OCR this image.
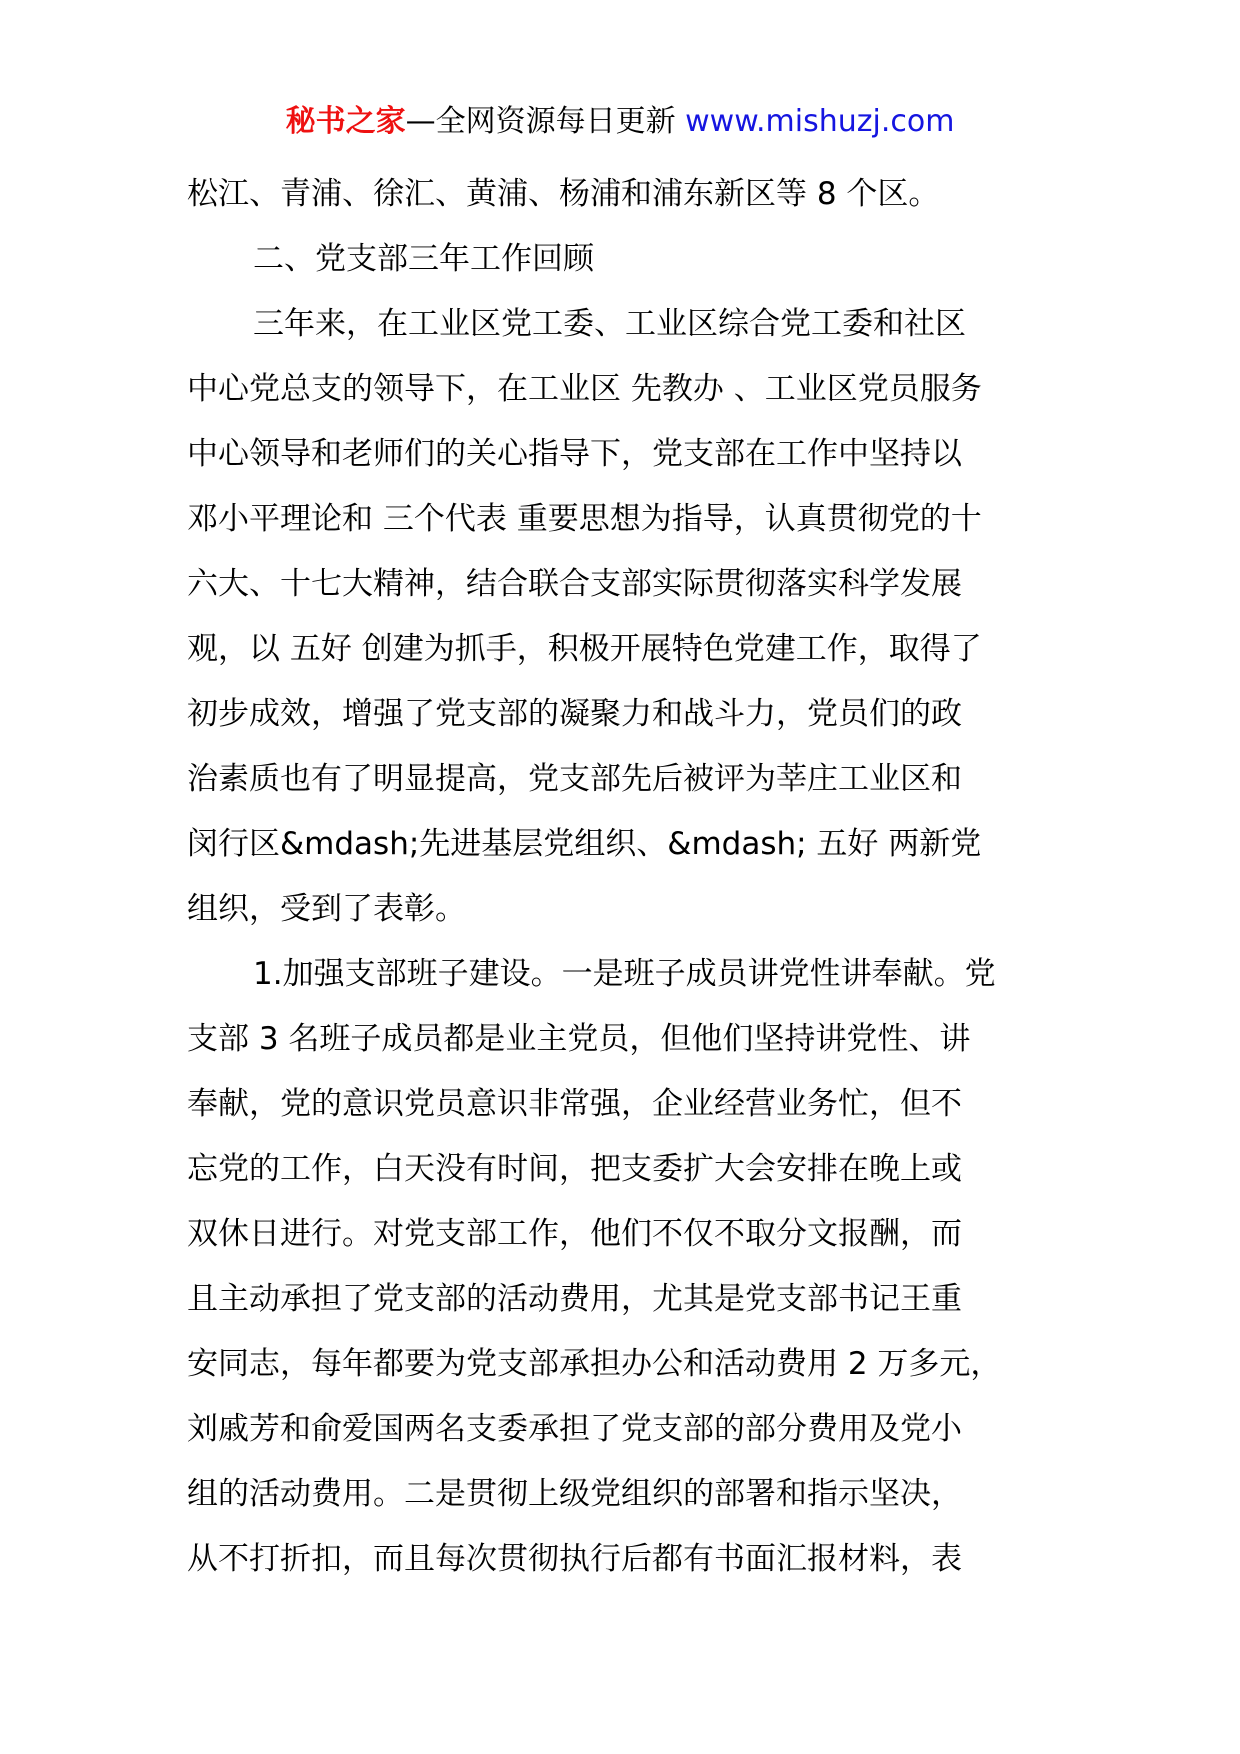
秘书之家—全网资源每日更新 www.mishuzj.com

松江、青浦、徐汇、黄浦、杨浦和浦东新区等 8 个区。

二、党支部三年工作回顾

三年来，在工业区党工委、工业区综合党工委和社区

中心党总支的领导下，在工业区 先教办 、工业区党员服务

中心领导和老师们的关心指导下，党支部在工作中坚持以

邓小平理论和 三个代表 重要思想为指导，认真贯彻党的十

六大、十七大精神，结合联合支部实际贯彻落实科学发展

观，以 五好 创建为抓手，积极开展特色党建工作，取得了

初步成效，增强了党支部的凝聚力和战斗力，党员们的政

治素质也有了明显提高，党支部先后被评为莘庄工业区和

闵行区&mdash;先进基层党组织、&mdash; 五好 两新党

组织，受到了表彰。

1.加强支部班子建设。一是班子成员讲党性讲奉献。党

支部 3 名班子成员都是业主党员，但他们坚持讲党性、讲

奉献，党的意识党员意识非常强，企业经营业务忙，但不

忘党的工作，白天没有时间，把支委扩大会安排在晚上或

双休日进行。对党支部工作，他们不仅不取分文报酬，而

且主动承担了党支部的活动费用，尤其是党支部书记王重

安同志，每年都要为党支部承担办公和活动费用 2 万多元，

刘戚芳和俞爱国两名支委承担了党支部的部分费用及党小

组的活动费用。二是贯彻上级党组织的部署和指示坚决，

从不打折扣，而且每次贯彻执行后都有书面汇报材料，表
